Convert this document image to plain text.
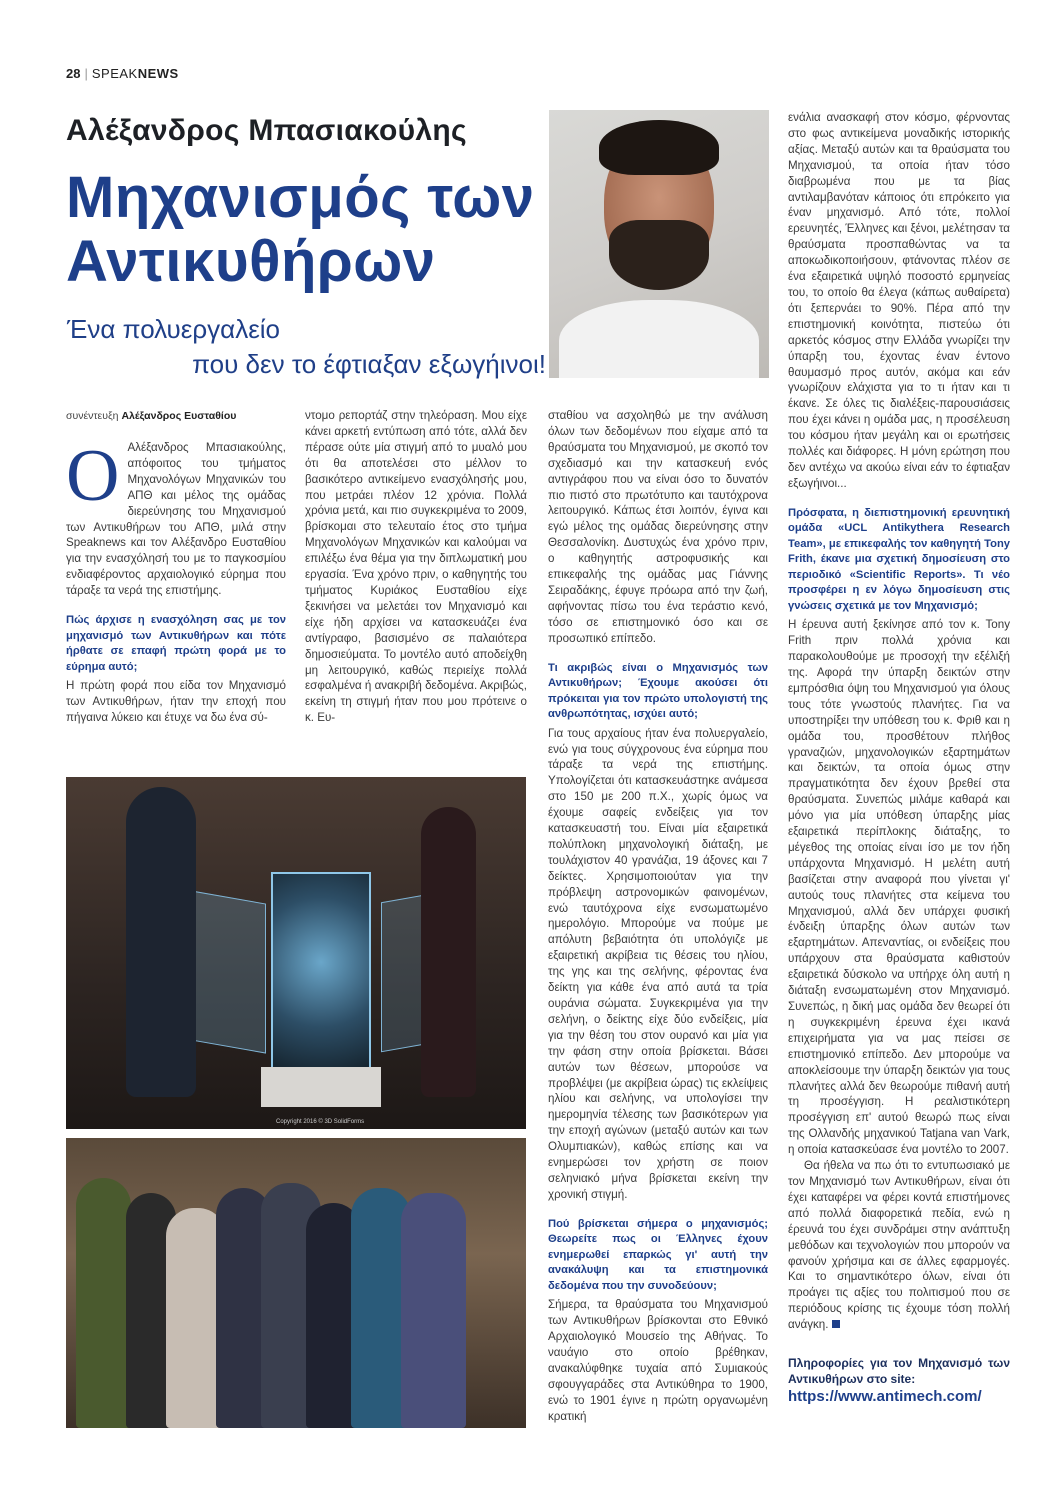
28 | SPEAKNEWS
Αλέξανδρος Μπασιακούλης
Μηχανισμός των
Αντικυθήρων
Ένα πολυεργαλείο
που δεν το έφτιαξαν εξωγήινοι!
συνέντευξη Αλέξανδρος Ευσταθίου
Ο Αλέξανδρος Μπασιακούλης, απόφοιτος του τμήματος Μηχανολόγων Μηχανικών του ΑΠΘ και μέλος της ομάδας διερεύνησης του Μηχανισμού των Αντικυθήρων του ΑΠΘ, μιλά στην Speaknews και τον Αλέξανδρο Ευσταθίου για την ενασχόλησή του με το παγκοσμίου ενδιαφέροντος αρχαιολογικό εύρημα που τάραξε τα νερά της επιστήμης.

Πώς άρχισε η ενασχόληση σας με τον μηχανισμό των Αντικυθήρων και πότε ήρθατε σε επαφή πρώτη φορά με το εύρημα αυτό;

Η πρώτη φορά που είδα τον Μηχανισμό των Αντικυθήρων, ήταν την εποχή που πήγαινα λύκειο και έτυχε να δω ένα σύ-

ντομο ρεπορτάζ στην τηλεόραση. Μου είχε κάνει αρκετή εντύπωση από τότε, αλλά δεν πέρασε ούτε μία στιγμή από το μυαλό μου ότι θα αποτελέσει στο μέλλον το βασικότερο αντικείμενο ενασχόλησής μου, που μετράει πλέον 12 χρόνια. Πολλά χρόνια μετά, και πιο συγκεκριμένα το 2009, βρίσκομαι στο τελευταίο έτος στο τμήμα Μηχανολόγων Μηχανικών και καλούμαι να επιλέξω ένα θέμα για την διπλωματική μου εργασία. Ένα χρόνο πριν, ο καθηγητής του τμήματος Κυριάκος Ευσταθίου είχε ξεκινήσει να μελετάει τον Μηχανισμό και είχε ήδη αρχίσει να κατασκευάζει ένα αντίγραφο, βασισμένο σε παλαιότερα δημοσιεύματα. Το μοντέλο αυτό αποδείχθη μη λειτουργικό, καθώς περιείχε πολλά εσφαλμένα ή ανακριβή δεδομένα. Ακριβώς, εκείνη τη στιγμή ήταν που μου πρότεινε ο κ. Ευ-

Copyright 2016 © 3D SolidForms

σταθίου να ασχοληθώ με την ανάλυση όλων των δεδομένων που είχαμε από τα θραύσματα του Μηχανισμού, με σκοπό τον σχεδιασμό και την κατασκευή ενός αντιγράφου που να είναι όσο το δυνατόν πιο πιστό στο πρωτότυπο και ταυτόχρονα λειτουργικό. Κάπως έτσι λοιπόν, έγινα και εγώ μέλος της ομάδας διερεύνησης στην Θεσσαλονίκη. Δυστυχώς ένα χρόνο πριν, ο καθηγητής αστροφυσικής και επικεφαλής της ομάδας μας Γιάννης Σειραδάκης, έφυγε πρόωρα από την ζωή, αφήνοντας πίσω του ένα τεράστιο κενό, τόσο σε επιστημονικό όσο και σε προσωπικό επίπεδο.

Τι ακριβώς είναι ο Μηχανισμός των Αντικυθήρων; Έχουμε ακούσει ότι πρόκειται για τον πρώτο υπολογιστή της ανθρωπότητας, ισχύει αυτό;

Για τους αρχαίους ήταν ένα πολυεργαλείο, ενώ για τους σύγχρονους ένα εύρημα που τάραξε τα νερά της επιστήμης. Υπολογίζεται ότι κατασκευάστηκε ανάμεσα στο 150 με 200 π.Χ., χωρίς όμως να έχουμε σαφείς ενδείξεις για τον κατασκευαστή του. Είναι μία εξαιρετικά πολύπλοκη μηχανολογική διάταξη, με τουλάχιστον 40 γρανάζια, 19 άξονες και 7 δείκτες. Χρησιμοποιούταν για την πρόβλεψη αστρονομικών φαινομένων, ενώ ταυτόχρονα είχε ενσωματωμένο ημερολόγιο. Μπορούμε να πούμε με απόλυτη βεβαιότητα ότι υπολόγιζε με εξαιρετική ακρίβεια τις θέσεις του ηλίου, της γης και της σελήνης, φέροντας ένα δείκτη για κάθε ένα από αυτά τα τρία ουράνια σώματα. Συγκεκριμένα για την σελήνη, ο δείκτης είχε δύο ενδείξεις, μία για την θέση του στον ουρανό και μία για την φάση στην οποία βρίσκεται. Βάσει αυτών των θέσεων, μπορούσε να προβλέψει (με ακρίβεια ώρας) τις εκλείψεις ηλίου και σελήνης, να υπολογίσει την ημερομηνία τέλεσης των βασικότερων για την εποχή αγώνων (μεταξύ αυτών και των Ολυμπιακών), καθώς επίσης και να ενημερώσει τον χρήστη σε ποιον σεληνιακό μήνα βρίσκεται εκείνη την χρονική στιγμή.

Πού βρίσκεται σήμερα ο μηχανισμός; Θεωρείτε πως οι Έλληνες έχουν ενημερωθεί επαρκώς γι' αυτή την ανακάλυψη και τα επιστημονικά δεδομένα που την συνοδεύουν;

Σήμερα, τα θραύσματα του Μηχανισμού των Αντικυθήρων βρίσκονται στο Εθνικό Αρχαιολογικό Μουσείο της Αθήνας. Το ναυάγιο στο οποίο βρέθηκαν, ανακαλύφθηκε τυχαία από Συμιακούς σφουγγαράδες στα Αντικύθηρα το 1900, ενώ το 1901 έγινε η πρώτη οργανωμένη κρατική

ενάλια ανασκαφή στον κόσμο, φέρνοντας στο φως αντικείμενα μοναδικής ιστορικής αξίας. Μεταξύ αυτών και τα θραύσματα του Μηχανισμού, τα οποία ήταν τόσο διαβρωμένα που με τα βίας αντιλαμβανόταν κάποιος ότι επρόκειτο για έναν μηχανισμό. Από τότε, πολλοί ερευνητές, Έλληνες και ξένοι, μελέτησαν τα θραύσματα προσπαθώντας να τα αποκωδικοποιήσουν, φτάνοντας πλέον σε ένα εξαιρετικά υψηλό ποσοστό ερμηνείας του, το οποίο θα έλεγα (κάπως αυθαίρετα) ότι ξεπερνάει το 90%. Πέρα από την επιστημονική κοινότητα, πιστεύω ότι αρκετός κόσμος στην Ελλάδα γνωρίζει την ύπαρξη του, έχοντας έναν έντονο θαυμασμό προς αυτόν, ακόμα και εάν γνωρίζουν ελάχιστα για το τι ήταν και τι έκανε. Σε όλες τις διαλέξεις-παρουσιάσεις που έχει κάνει η ομάδα μας, η προσέλευση του κόσμου ήταν μεγάλη και οι ερωτήσεις πολλές και διάφορες. Η μόνη ερώτηση που δεν αντέχω να ακούω είναι εάν το έφτιαξαν εξωγήινοι...

Πρόσφατα, η διεπιστημονική ερευνητική ομάδα «UCL Antikythera Research Team», με επικεφαλής τον καθηγητή Tony Frith, έκανε μια σχετική δημοσίευση στο περιοδικό «Scientific Reports». Τι νέο προσφέρει η εν λόγω δημοσίευση στις γνώσεις σχετικά με τον Μηχανισμό;

Η έρευνα αυτή ξεκίνησε από τον κ. Tony Frith πριν πολλά χρόνια και παρακολουθούμε με προσοχή την εξέλιξή της. Αφορά την ύπαρξη δεικτών στην εμπρόσθια όψη του Μηχανισμού για όλους τους τότε γνωστούς πλανήτες. Για να υποστηρίξει την υπόθεση του κ. Φριθ και η ομάδα του, προσθέτουν πλήθος γραναζιών, μηχανολογικών εξαρτημάτων και δεικτών, τα οποία όμως στην πραγματικότητα δεν έχουν βρεθεί στα θραύσματα. Συνεπώς μιλάμε καθαρά και μόνο για μία υπόθεση ύπαρξης μίας εξαιρετικά περίπλοκης διάταξης, το μέγεθος της οποίας είναι ίσο με τον ήδη υπάρχοντα Μηχανισμό. Η μελέτη αυτή βασίζεται στην αναφορά που γίνεται γι' αυτούς τους πλανήτες στα κείμενα του Μηχανισμού, αλλά δεν υπάρχει φυσική ένδειξη ύπαρξης όλων αυτών των εξαρτημάτων. Απεναντίας, οι ενδείξεις που υπάρχουν στα θραύσματα καθιστούν εξαιρετικά δύσκολο να υπήρχε όλη αυτή η διάταξη ενσωματωμένη στον Μηχανισμό. Συνεπώς, η δική μας ομάδα δεν θεωρεί ότι η συγκεκριμένη έρευνα έχει ικανά επιχειρήματα για να μας πείσει σε επιστημονικό επίπεδο. Δεν μπορούμε να αποκλείσουμε την ύπαρξη δεικτών για τους πλανήτες αλλά δεν θεωρούμε πιθανή αυτή τη προσέγγιση. Η ρεαλιστικότερη προσέγγιση επ' αυτού θεωρώ πως είναι της Ολλανδής μηχανικού Tatjana van Vark, η οποία κατασκεύασε ένα μοντέλο το 2007.

Θα ήθελα να πω ότι το εντυπωσιακό με τον Μηχανισμό των Αντικυθήρων, είναι ότι έχει καταφέρει να φέρει κοντά επιστήμονες από πολλά διαφορετικά πεδία, ενώ η έρευνά του έχει συνδράμει στην ανάπτυξη μεθόδων και τεχνολογιών που μπορούν να φανούν χρήσιμα και σε άλλες εφαρμογές. Και το σημαντικότερο όλων, είναι ότι προάγει τις αξίες του πολιτισμού που σε περιόδους κρίσης τις έχουμε τόση πολλή ανάγκη.

Πληροφορίες για τον Μηχανισμό των Αντικυθήρων στο site:
https://www.antimech.com/
